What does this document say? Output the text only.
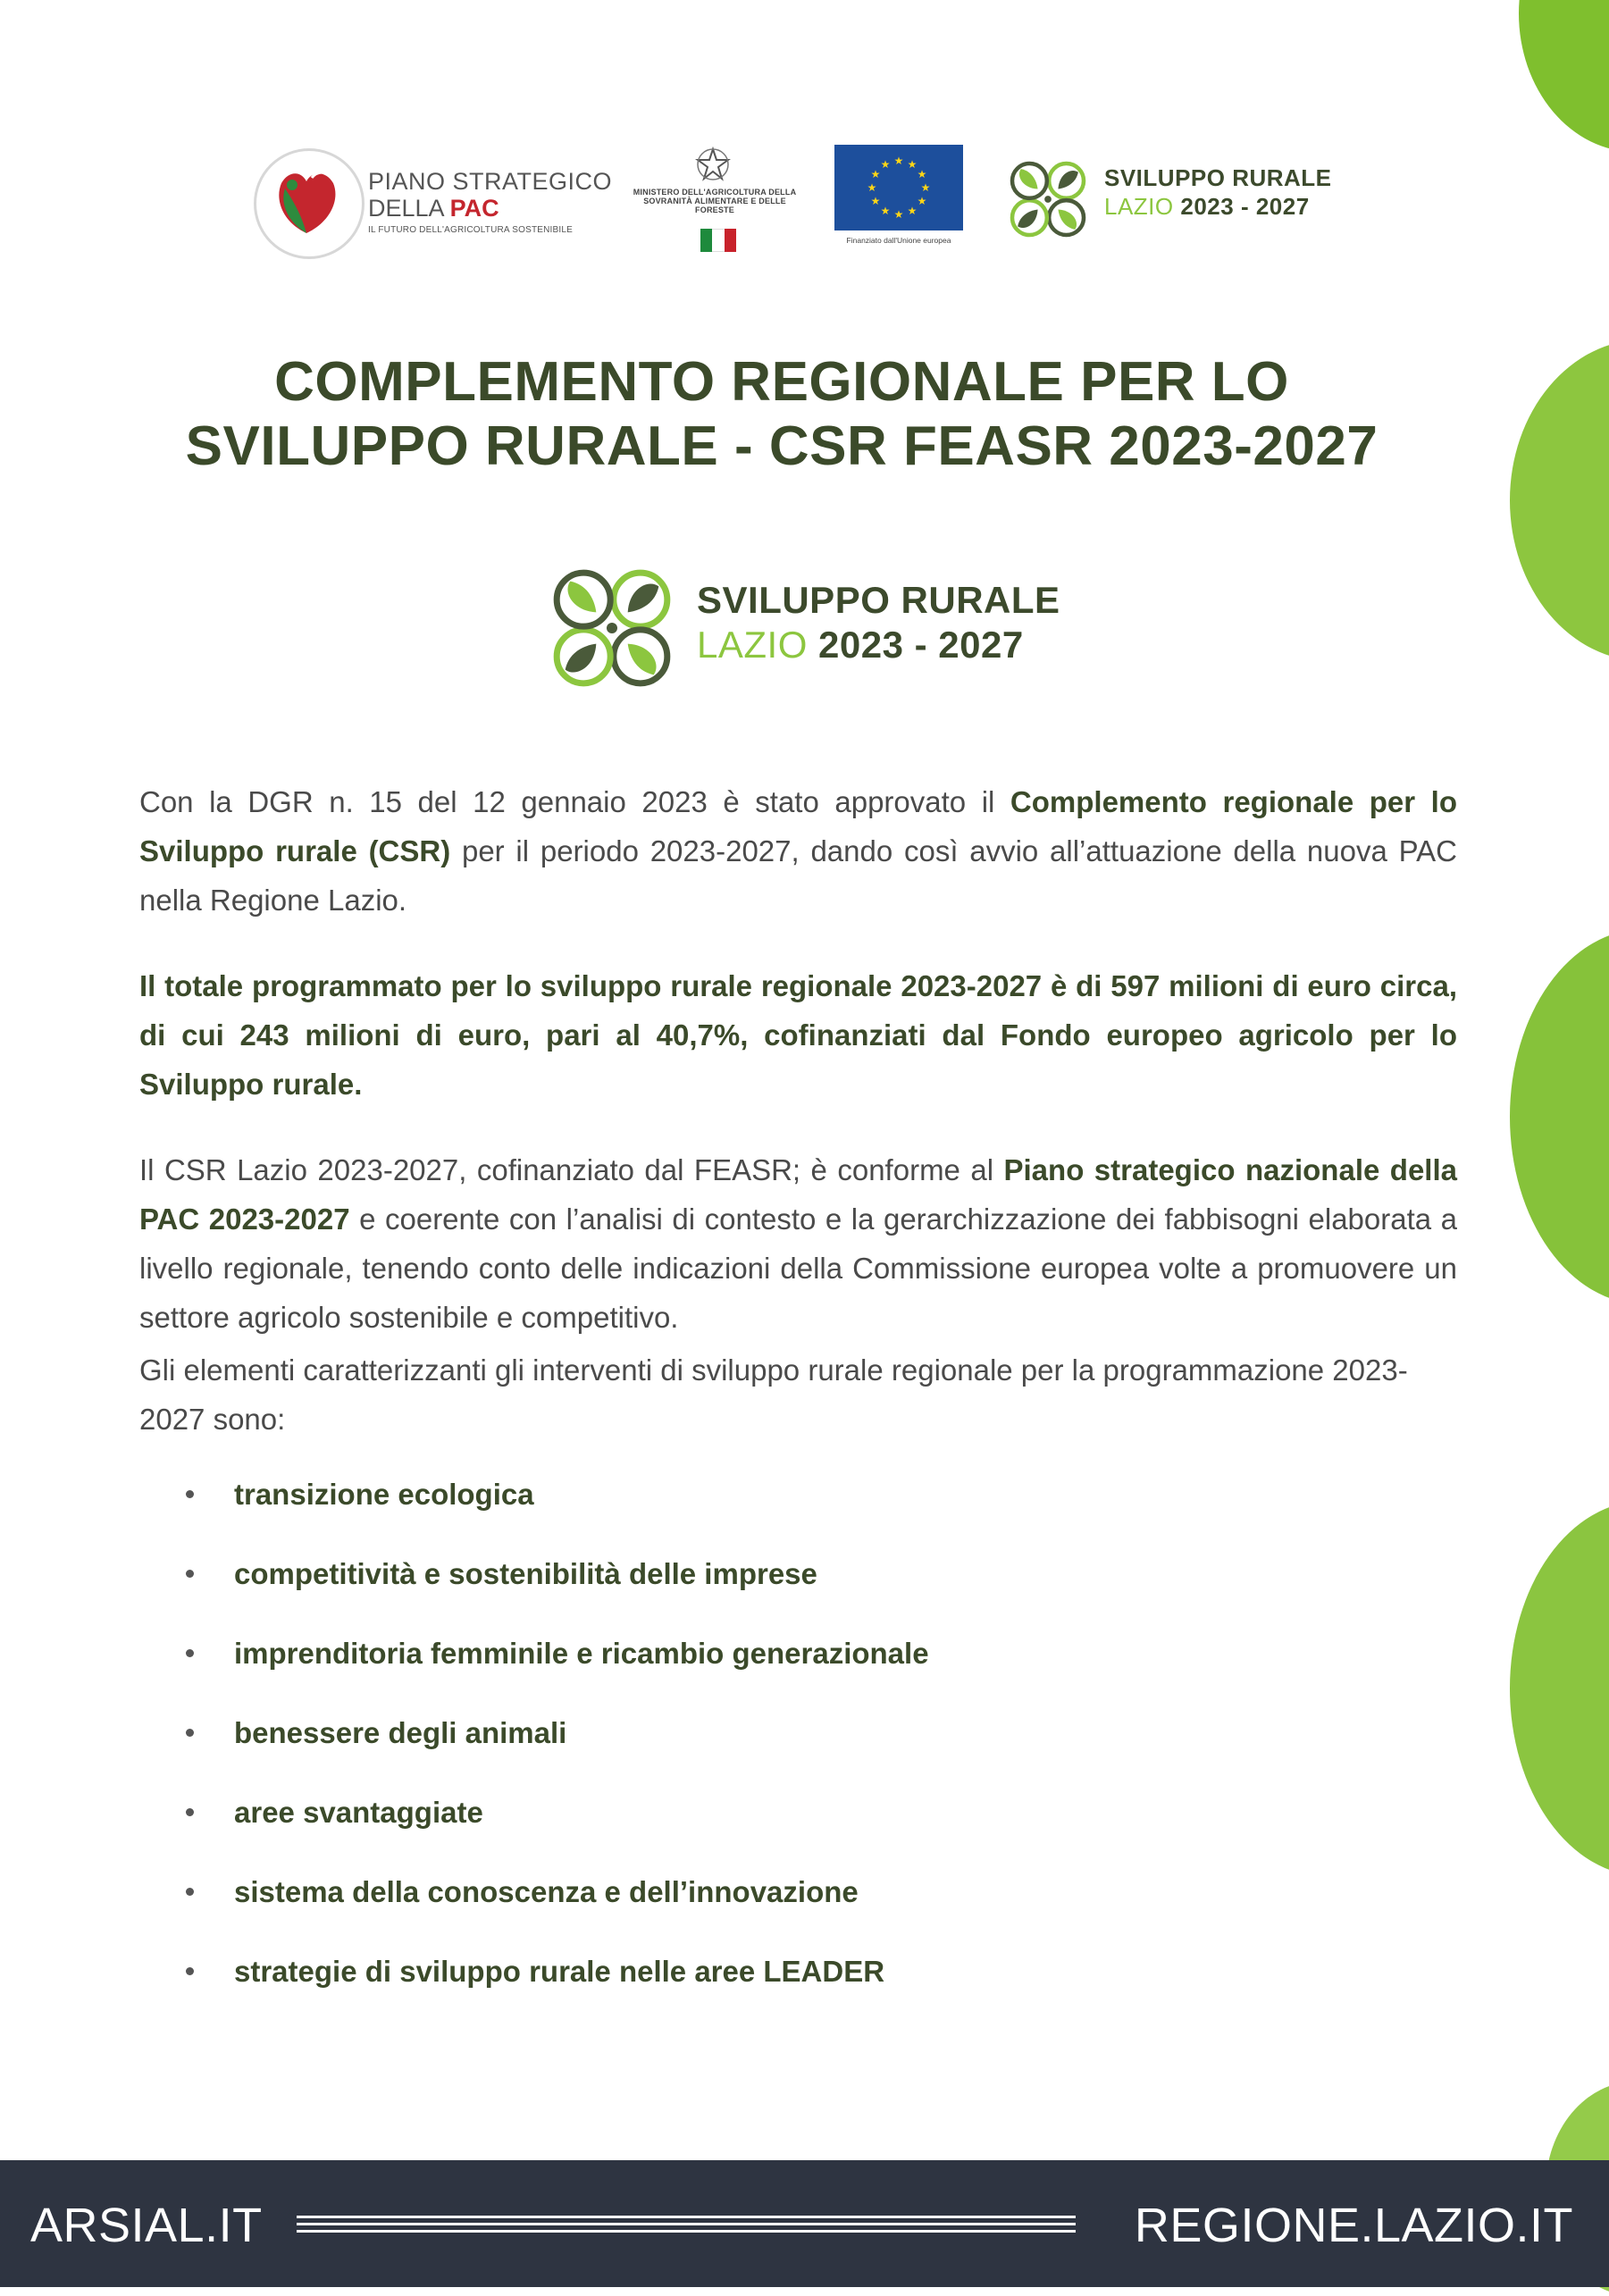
PIANO STRATEGICO
DELLA PAC
IL FUTURO DELL'AGRICOLTURA SOSTENIBILE
MINISTERO DELL'AGRICOLTURA DELLA SOVRANITÀ ALIMENTARE E DELLE FORESTE
★
★
★
★
★
★
★
★
★ ★ ★
★
Finanziato dall'Unione europea
SVILUPPO RURALE
LAZIO 2023 - 2027
COMPLEMENTO REGIONALE PER LO
SVILUPPO RURALE - CSR FEASR 2023-2027
SVILUPPO RURALE
LAZIO 2023 - 2027
Con la DGR n. 15 del 12 gennaio 2023 è stato approvato il Complemento regionale per lo Sviluppo rurale (CSR) per il periodo 2023-2027, dando così avvio all’attuazione della nuova PAC nella Regione Lazio.
Il totale programmato per lo sviluppo rurale regionale 2023-2027 è di 597 milioni di euro circa, di cui 243 milioni di euro, pari al 40,7%, cofinanziati dal Fondo europeo agricolo per lo Sviluppo rurale.
Il CSR Lazio 2023-2027, cofinanziato dal FEASR; è conforme al Piano strategico nazionale della PAC 2023-2027 e coerente con l’analisi di contesto e la gerarchizzazione dei fabbisogni elaborata a livello regionale, tenendo conto delle indicazioni della Commissione europea volte a promuovere un settore agricolo sostenibile e competitivo.
Gli elementi caratterizzanti gli interventi di sviluppo rurale regionale per la programmazione 2023-2027 sono:
transizione ecologica
competitività e sostenibilità delle imprese
imprenditoria femminile e ricambio generazionale
benessere degli animali
aree svantaggiate
sistema della conoscenza e dell’innovazione
strategie di sviluppo rurale nelle aree LEADER
ARSIAL.IT	REGIONE.LAZIO.IT
